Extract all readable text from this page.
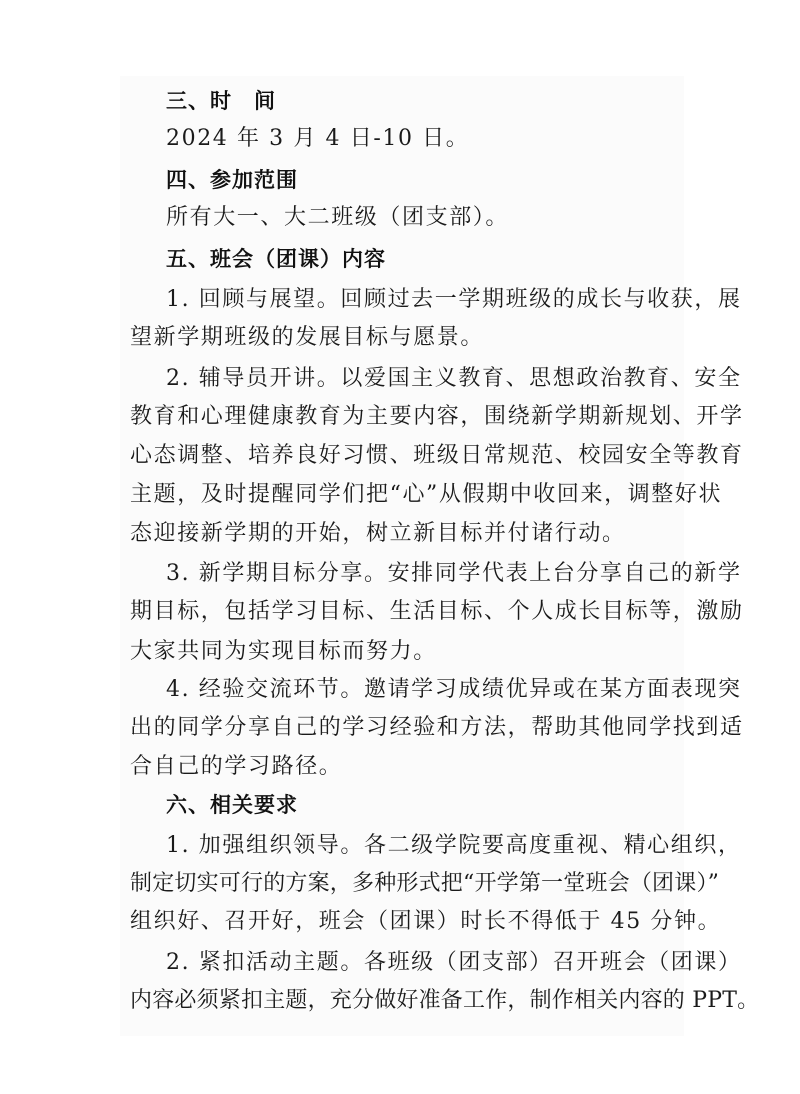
三、时　间
2024 年 3 月 4 日-10 日。
四、参加范围
所有大一、大二班级（团支部）。
五、班会（团课）内容
1. 回顾与展望。回顾过去一学期班级的成长与收获，展
望新学期班级的发展目标与愿景。
2. 辅导员开讲。以爱国主义教育、思想政治教育、安全
教育和心理健康教育为主要内容，围绕新学期新规划、开学
心态调整、培养良好习惯、班级日常规范、校园安全等教育
主题，及时提醒同学们把“心”从假期中收回来，调整好状
态迎接新学期的开始，树立新目标并付诸行动。
3. 新学期目标分享。安排同学代表上台分享自己的新学
期目标，包括学习目标、生活目标、个人成长目标等，激励
大家共同为实现目标而努力。
4. 经验交流环节。邀请学习成绩优异或在某方面表现突
出的同学分享自己的学习经验和方法，帮助其他同学找到适
合自己的学习路径。
六、相关要求
1. 加强组织领导。各二级学院要高度重视、精心组织，
制定切实可行的方案，多种形式把“开学第一堂班会（团课）”
组织好、召开好，班会（团课）时长不得低于 45 分钟。
2. 紧扣活动主题。各班级（团支部）召开班会（团课）
内容必须紧扣主题，充分做好准备工作，制作相关内容的 PPT。
